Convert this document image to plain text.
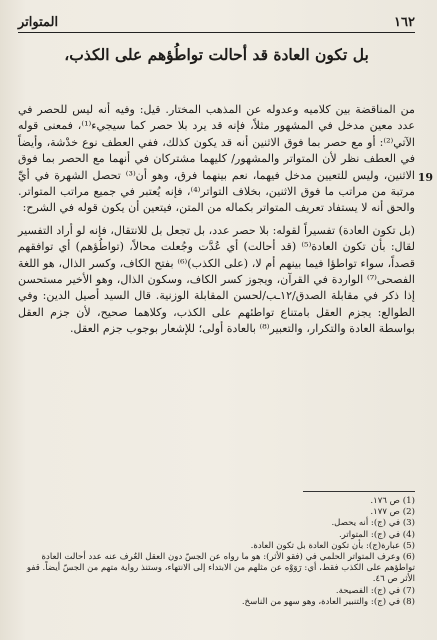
١٦٢
المتواتر
بل تكون العادة قد أحالت تواطُؤهم على الكذب،

من المناقضة بين كلاميه وعدوله عن المذهب المختار. قيل: وفيه أنه ليس للحصر في عدد معين مدخل في المشهور مثلاً، فإنه قد يرد بلا حصر كما سيجيء⁽¹⁾، فمعنى قوله الآتي⁽²⁾: أو مع حصر بما فوق الاثنين أنه قد يكون كذلك، ففي العطف نوع خدْشة، وأيضاً في العطف نظر لأن المتواتر والمشهور/ كليهما مشتركان في أنهما مع الحصر بما فوق الاثنين، وليس للتعيين مدخل فيهما، نعم بينهما فرق، وهو أن⁽³⁾ تحصل الشهرة في أيِّ مرتبة من مراتب ما فوق الاثنين، بخلاف التواتر⁽⁴⁾، فإنه يُعتبر في جميع مراتب المتواتر. والحق أنه لا يستفاد تعريف المتواتر بكماله من المتن، فيتعين أن يكون قوله في الشرح:

(بل تكون العادة) تفسيراً لقوله: بلا حصر عدد، بل تجعل بل للانتقال، فإنه لو أراد التفسير لقال: بأن تكون العادة⁽⁵⁾ (قد أحالت) أي عُدَّت وجُعلت محالاً، (تواطُؤهم) أي توافقهم قصداً، سواء تواطؤا فيما بينهم أم لا، (على الكذب)⁽⁶⁾ بفتح الكاف، وكسر الذال، هو اللغة الفصحى⁽⁷⁾ الواردة في القرآن، ويجوز كسر الكاف، وسكون الذال، وهو الأخير مستحسن إذا ذكر في مقابلة الصدق/١٢ـب/لحسن المقابلة الوزنية. قال السيد أصيل الدين: وفي الطوالع: يجزم العقل بامتناع تواطئهم على الكذب، وكلاهما صحيح، لأن جزم العقل بواسطة العادة والتكرار، والتعبير⁽⁸⁾ بالعادة أولى؛ للإشعار بوجوب جزم العقل.

19
(1) ص ١٧٦.
(2) ص ١٧٧.
(3) في (ج): أنه يحصل.
(4) في (ج): المتواتر.
(5) عبارة(ج): بأن تكون العادة بل تكون العادة.
(6) وعرف المتواتر الحلمي في (فقو الأثر): هو ما رواه عن الجسّ دون العقل العُرف عنه عدد أحالت العادة تواطؤهم على الكذب فقط، أي: رَوَوْه عن مثلهم من الابتداء إلى الانتهاء، وستنذ رواية متهم من الجسّ أيضاً. قفو الأثر ص ٤٦.
(7) في (ج): الفصيحة.
(8) في (ج): والتنبير العادة، وهو سهو من الناسخ.
